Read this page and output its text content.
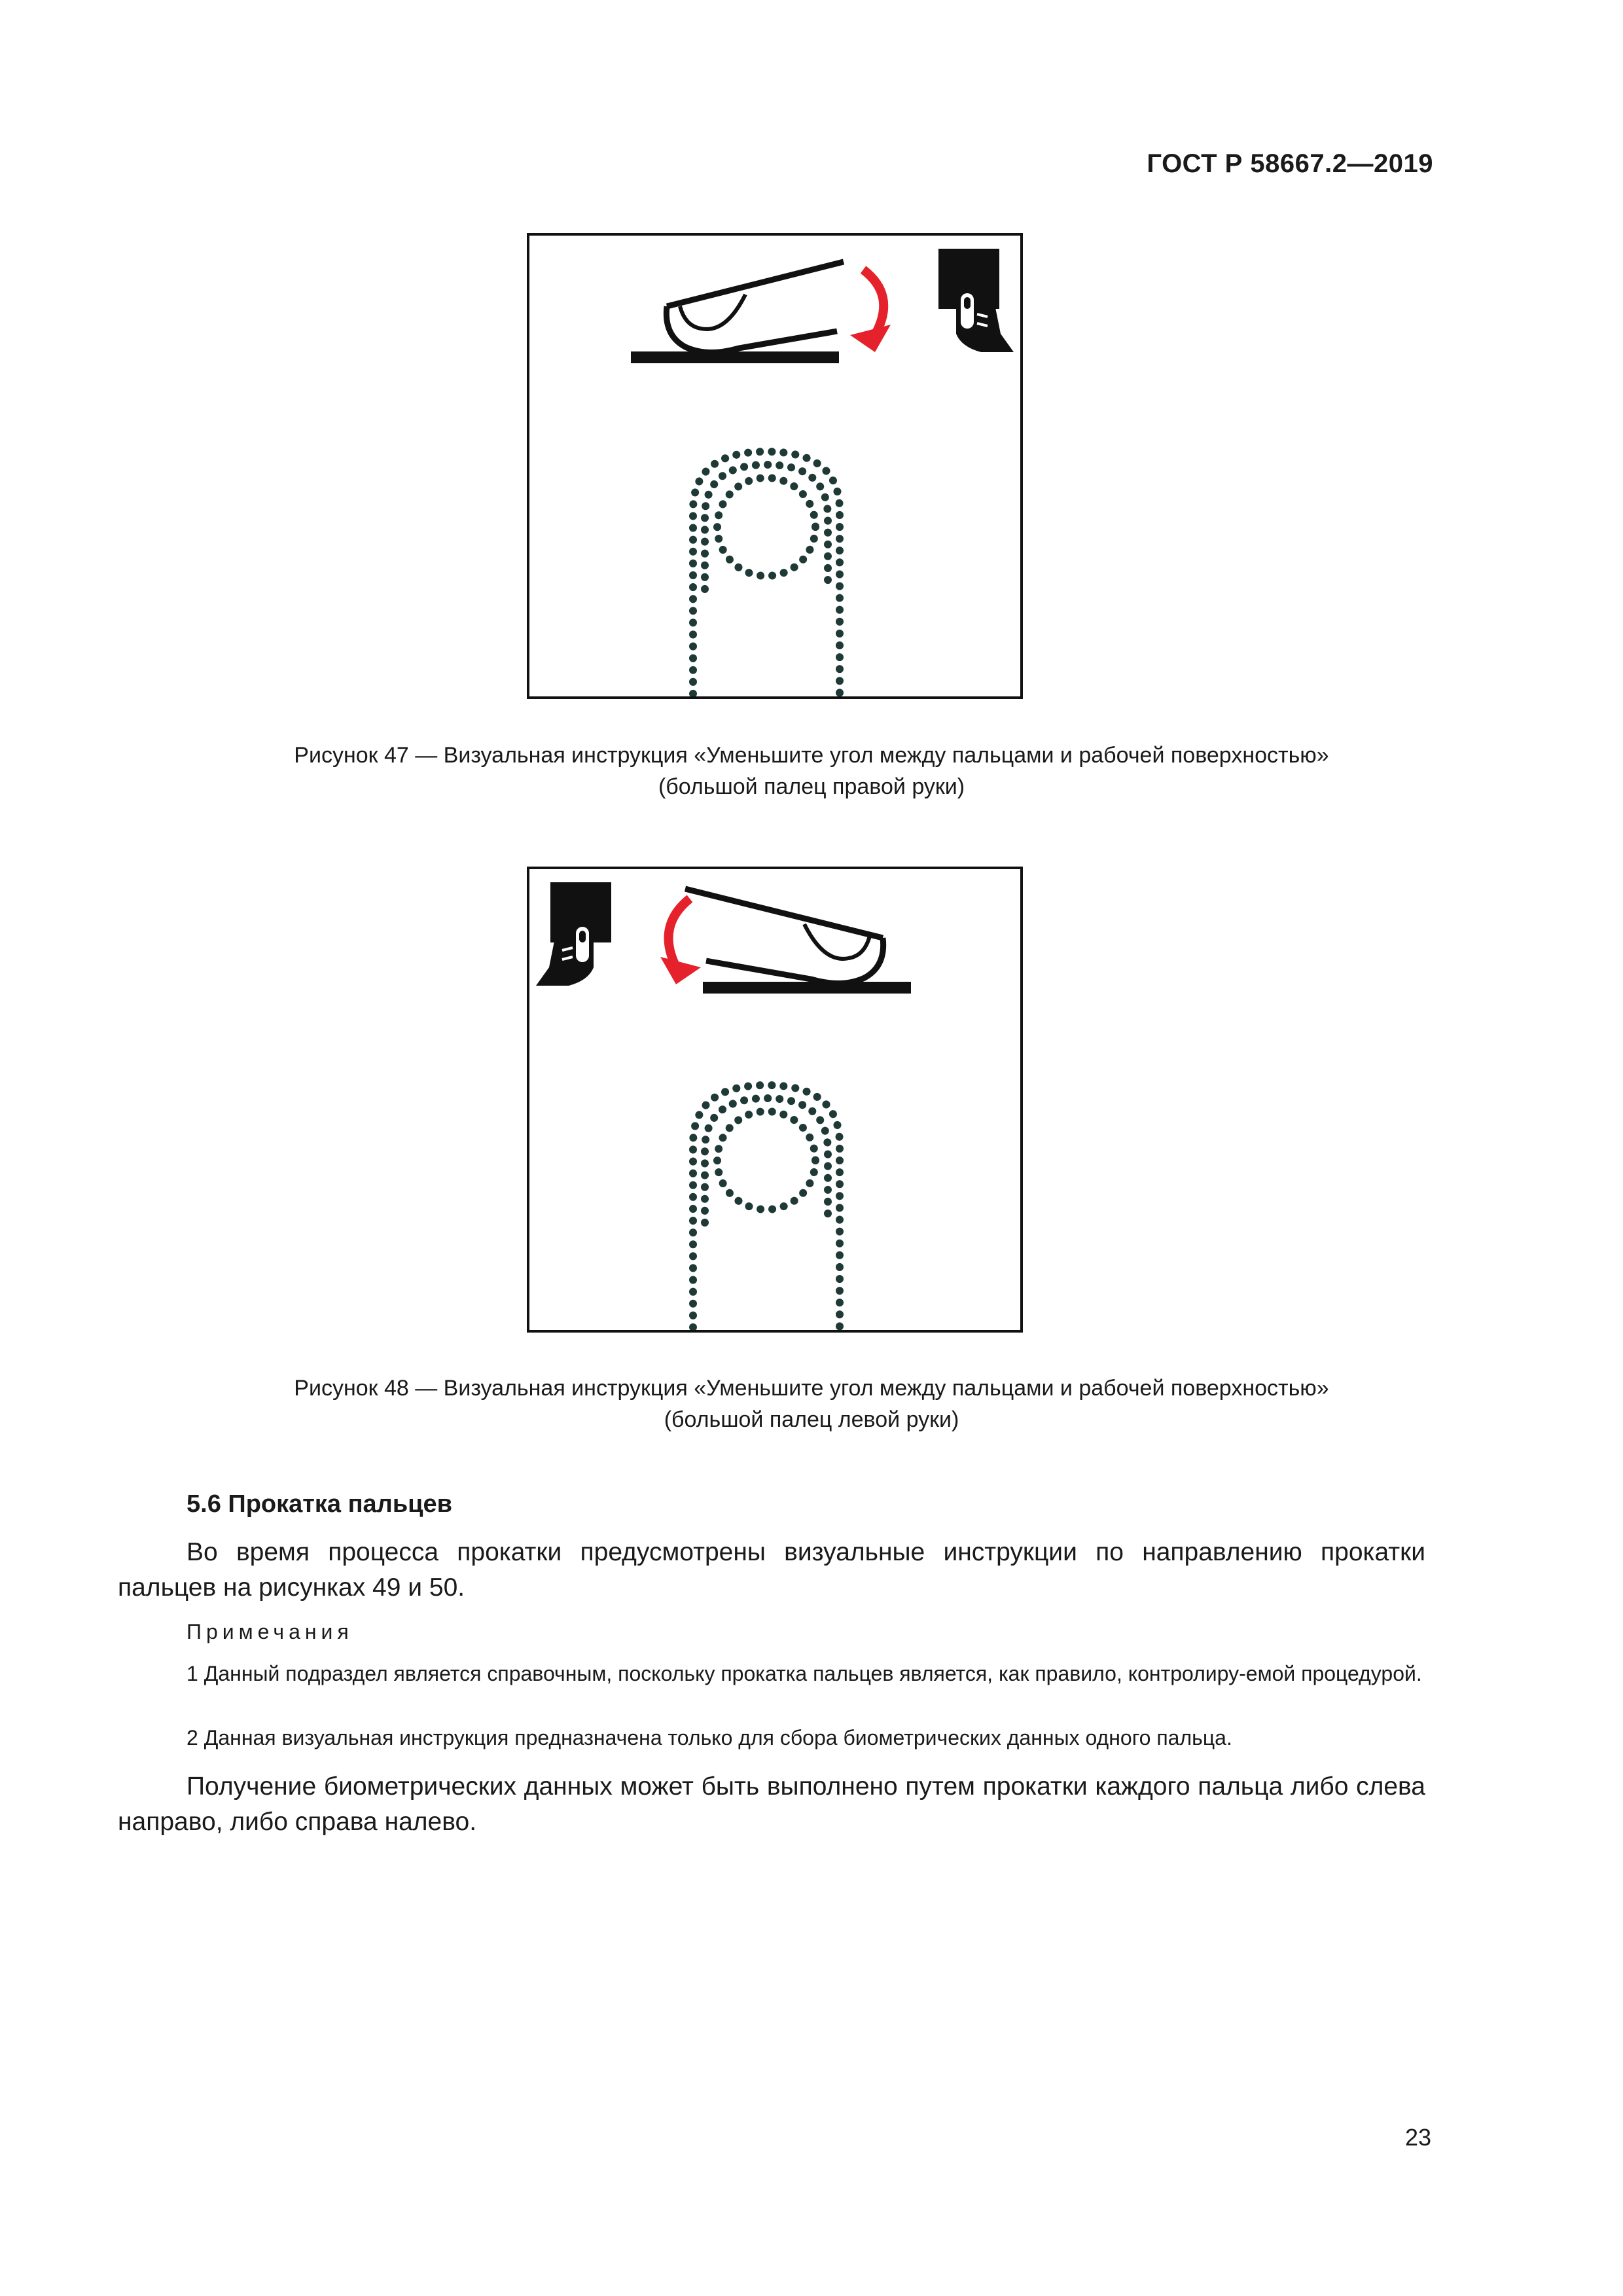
ГОСТ Р 58667.2—2019
Рисунок 47 — Визуальная инструкция «Уменьшите угол между пальцами и рабочей поверхностью»
(большой палец правой руки)
Рисунок 48 — Визуальная инструкция «Уменьшите угол между пальцами и рабочей поверхностью»
(большой палец левой руки)
5.6 Прокатка пальцев
Во время процесса прокатки предусмотрены визуальные инструкции по направлению прокатки пальцев на рисунках 49 и 50.
Примечания
1 Данный подраздел является справочным, поскольку прокатка пальцев является, как правило, контролиру-емой процедурой.
2 Данная визуальная инструкция предназначена только для сбора биометрических данных одного пальца.
Получение биометрических данных может быть выполнено путем прокатки каждого пальца либо слева направо, либо справа налево.
23
